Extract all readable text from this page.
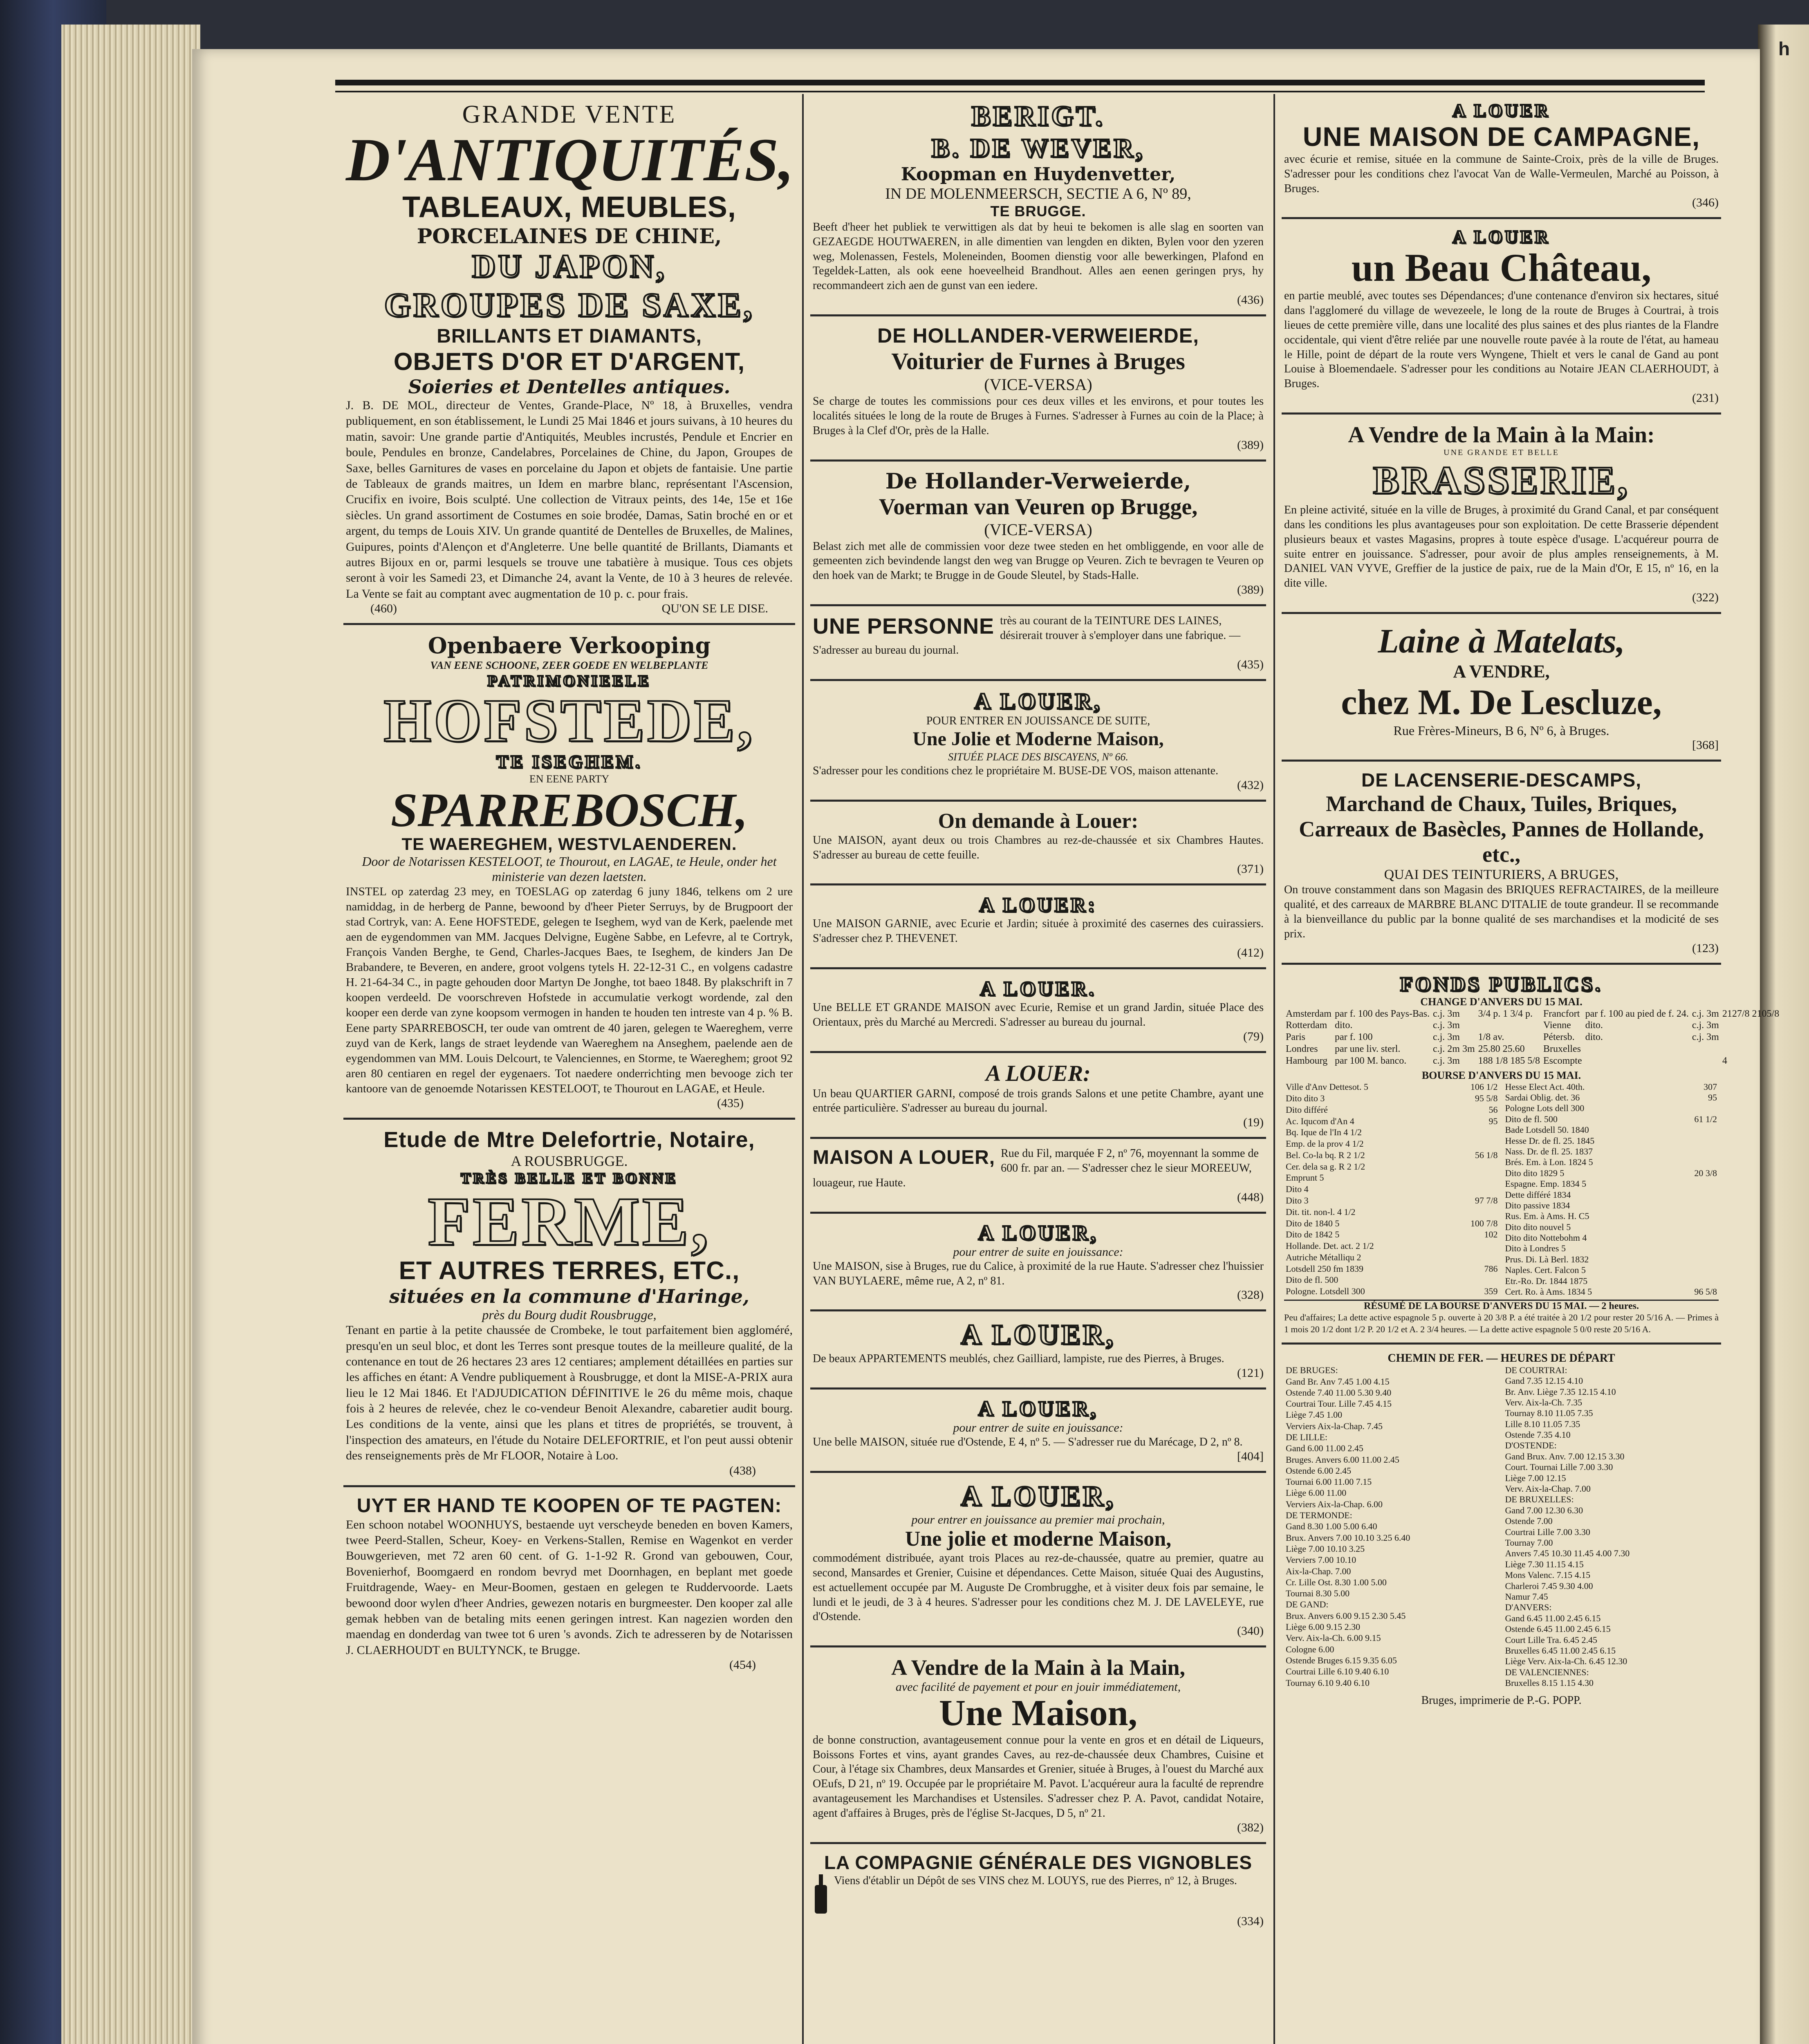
h
GRANDE VENTE
D'ANTIQUITÉS,
TABLEAUX, MEUBLES,
PORCELAINES DE CHINE,
DU JAPON,
GROUPES DE SAXE,
BRILLANTS ET DIAMANTS,
OBJETS D'OR ET D'ARGENT,
Soieries et Dentelles antiques.
J. B. DE MOL, directeur de Ventes, Grande-Place, Nº 18, à Bruxelles, vendra publiquement, en son établissement, le Lundi 25 Mai 1846 et jours suivans, à 10 heures du matin, savoir: Une grande partie d'Antiquités, Meubles incrustés, Pendule et Encrier en boule, Pendules en bronze, Candelabres, Porcelaines de Chine, du Japon, Groupes de Saxe, belles Garnitures de vases en porcelaine du Japon et objets de fantaisie. Une partie de Tableaux de grands maitres, un Idem en marbre blanc, représentant l'Ascension, Crucifix en ivoire, Bois sculpté. Une collection de Vitraux peints, des 14e, 15e et 16e siècles. Un grand assortiment de Costumes en soie brodée, Damas, Satin broché en or et argent, du temps de Louis XIV. Un grande quantité de Dentelles de Bruxelles, de Malines, Guipures, points d'Alençon et d'Angleterre. Une belle quantité de Brillants, Diamants et autres Bijoux en or, parmi lesquels se trouve une tabatière à musique. Tous ces objets seront à voir les Samedi 23, et Dimanche 24, avant la Vente, de 10 à 3 heures de relevée. La Vente se fait au comptant avec augmentation de 10 p. c. pour frais.
(460)	QU'ON SE LE DISE.
Openbaere Verkooping
VAN EENE SCHOONE, ZEER GOEDE EN WELBEPLANTE
PATRIMONIEELE
HOFSTEDE,
TE ISEGHEM.
EN EENE PARTY
SPARREBOSCH,
TE WAEREGHEM, WESTVLAENDEREN.
Door de Notarissen KESTELOOT, te Thourout, en LAGAE, te Heule, onder het ministerie van dezen laetsten.
INSTEL op zaterdag 23 mey, en TOESLAG op zaterdag 6 juny 1846, telkens om 2 ure namiddag, in de herberg de Panne, bewoond by d'heer Pieter Serruys, by de Brugpoort der stad Cortryk, van: A. Eene HOFSTEDE, gelegen te Iseghem, wyd van de Kerk, paelende met aen de eygendommen van MM. Jacques Delvigne, Eugène Sabbe, en Lefevre, al te Cortryk, François Vanden Berghe, te Gend, Charles-Jacques Baes, te Iseghem, de kinders Jan De Brabandere, te Beveren, en andere, groot volgens tytels H. 22-12-31 C., en volgens cadastre H. 21-64-34 C., in pagte gehouden door Martyn De Jonghe, tot baeo 1848. By plakschrift in 7 koopen verdeeld. De voorschreven Hofstede in accumulatie verkogt wordende, zal den kooper een derde van zyne koopsom vermogen in handen te houden ten intreste van 4 p. % B. Eene party SPARREBOSCH, ter oude van omtrent de 40 jaren, gelegen te Waereghem, verre zuyd van de Kerk, langs de straet leydende van Waereghem na Anseghem, paelende aen de eygendommen van MM. Louis Delcourt, te Valenciennes, en Storme, te Waereghem; groot 92 aren 80 centiaren en regel der eygenaers. Tot naedere onderrichting men bevooge zich ter kantoore van de genoemde Notarissen KESTELOOT, te Thourout en LAGAE, et Heule.
(435)
Etude de Mtre Delefortrie, Notaire,
A ROUSBRUGGE.
TRÈS BELLE ET BONNE
FERME,
ET AUTRES TERRES, ETC.,
situées en la commune d'Haringe,
près du Bourg dudit Rousbrugge,
Tenant en partie à la petite chaussée de Crombeke, le tout parfaitement bien aggloméré, presqu'en un seul bloc, et dont les Terres sont presque toutes de la meilleure qualité, de la contenance en tout de 26 hectares 23 ares 12 centiares; amplement détaillées en parties sur les affiches en étant: A Vendre publiquement à Rousbrugge, et dont la MISE-A-PRIX aura lieu le 12 Mai 1846. Et l'ADJUDICATION DÉFINITIVE le 26 du même mois, chaque fois à 2 heures de relevée, chez le co-vendeur Benoit Alexandre, cabaretier audit bourg. Les conditions de la vente, ainsi que les plans et titres de propriétés, se trouvent, à l'inspection des amateurs, en l'étude du Notaire DELEFORTRIE, et l'on peut aussi obtenir des renseignements près de Mr FLOOR, Notaire à Loo.
(438)
UYT ER HAND TE KOOPEN OF TE PAGTEN:
Een schoon notabel WOONHUYS, bestaende uyt verscheyde beneden en boven Kamers, twee Peerd-Stallen, Scheur, Koey- en Verkens-Stallen, Remise en Wagenkot en verder Bouwgerieven, met 72 aren 60 cent. of G. 1-1-92 R. Grond van gebouwen, Cour, Bovenierhof, Boomgaerd en rondom bevryd met Doornhagen, en beplant met goede Fruitdragende, Waey- en Meur-Boomen, gestaen en gelegen te Ruddervoorde. Laets bewoond door wylen d'heer Andries, gewezen notaris en burgmeester. Den kooper zal alle gemak hebben van de betaling mits eenen geringen intrest. Kan nagezien worden den maendag en donderdag van twee tot 6 uren 's avonds. Zich te adresseren by de Notarissen J. CLAERHOUDT en BULTYNCK, te Brugge.
(454)
BERIGT.
B. DE WEVER,
Koopman en Huydenvetter,
IN DE MOLENMEERSCH, SECTIE A 6, Nº 89,
TE BRUGGE.
Beeft d'heer het publiek te verwittigen als dat by heui te bekomen is alle slag en soorten van GEZAEGDE HOUTWAEREN, in alle dimentien van lengden en dikten, Bylen voor den yzeren weg, Molenassen, Festels, Moleneinden, Boomen dienstig voor alle bewerkingen, Plafond en Tegeldek-Latten, als ook eene hoeveelheid Brandhout. Alles aen eenen geringen prys, hy recommandeert zich aen de gunst van een iedere.
(436)
DE HOLLANDER-VERWEIERDE,
Voiturier de Furnes à Bruges
(VICE-VERSA)
Se charge de toutes les commissions pour ces deux villes et les environs, et pour toutes les localités situées le long de la route de Bruges à Furnes. S'adresser à Furnes au coin de la Place; à Bruges à la Clef d'Or, près de la Halle.
(389)
De Hollander-Verweierde,
Voerman van Veuren op Brugge,
(VICE-VERSA)
Belast zich met alle de commissien voor deze twee steden en het ombliggende, en voor alle de gemeenten zich bevindende langst den weg van Brugge op Veuren. Zich te bevragen te Veuren op den hoek van de Markt; te Brugge in de Goude Sleutel, by Stads-Halle.
(389)
UNE PERSONNE très au courant de la TEINTURE DES LAINES, désirerait trouver à s'employer dans une fabrique. — S'adresser au bureau du journal.
(435)
A LOUER,
POUR ENTRER EN JOUISSANCE DE SUITE,
Une Jolie et Moderne Maison,
SITUÉE PLACE DES BISCAYENS, Nº 66.
S'adresser pour les conditions chez le propriétaire M. BUSE-DE VOS, maison attenante.
(432)
On demande à Louer:
Une MAISON, ayant deux ou trois Chambres au rez-de-chaussée et six Chambres Hautes. S'adresser au bureau de cette feuille.
(371)
A LOUER:
Une MAISON GARNIE, avec Ecurie et Jardin; située à proximité des casernes des cuirassiers. S'adresser chez P. THEVENET.
(412)
A LOUER.
Une BELLE ET GRANDE MAISON avec Ecurie, Remise et un grand Jardin, située Place des Orientaux, près du Marché au Mercredi. S'adresser au bureau du journal.
(79)
A LOUER:
Un beau QUARTIER GARNI, composé de trois grands Salons et une petite Chambre, ayant une entrée particulière. S'adresser au bureau du journal.
(19)
MAISON A LOUER, Rue du Fil, marquée F 2, nº 76, moyennant la somme de 600 fr. par an. — S'adresser chez le sieur MOREEUW, louageur, rue Haute.
(448)
A LOUER,
pour entrer de suite en jouissance:
Une MAISON, sise à Bruges, rue du Calice, à proximité de la rue Haute. S'adresser chez l'huissier VAN BUYLAERE, même rue, A 2, nº 81.
(328)
A LOUER,
De beaux APPARTEMENTS meublés, chez Gailliard, lampiste, rue des Pierres, à Bruges.
(121)
A LOUER,
pour entrer de suite en jouissance:
Une belle MAISON, située rue d'Ostende, E 4, nº 5. — S'adresser rue du Marécage, D 2, nº 8.
[404]
A LOUER,
pour entrer en jouissance au premier mai prochain,
Une jolie et moderne Maison,
commodément distribuée, ayant trois Places au rez-de-chaussée, quatre au premier, quatre au second, Mansardes et Grenier, Cuisine et dépendances. Cette Maison, située Quai des Augustins, est actuellement occupée par M. Auguste De Crombrugghe, et à visiter deux fois par semaine, le lundi et le jeudi, de 3 à 4 heures. S'adresser pour les conditions chez M. J. DE LAVELEYE, rue d'Ostende.
(340)
A Vendre de la Main à la Main,
avec facilité de payement et pour en jouir immédiatement,
Une Maison,
de bonne construction, avantageusement connue pour la vente en gros et en détail de Liqueurs, Boissons Fortes et vins, ayant grandes Caves, au rez-de-chaussée deux Chambres, Cuisine et Cour, à l'étage six Chambres, deux Mansardes et Grenier, située à Bruges, à l'ouest du Marché aux OEufs, D 21, nº 19. Occupée par le propriétaire M. Pavot. L'acquéreur aura la faculté de reprendre avantageusement les Marchandises et Ustensiles. S'adresser chez P. A. Pavot, candidat Notaire, agent d'affaires à Bruges, près de l'église St-Jacques, D 5, nº 21.
(382)
LA COMPAGNIE GÉNÉRALE DES VIGNOBLES
Viens d'établir un Dépôt de ses VINS chez M. LOUYS, rue des Pierres, nº 12, à Bruges.
(334)
A LOUER
UNE MAISON DE CAMPAGNE,
avec écurie et remise, située en la commune de Sainte-Croix, près de la ville de Bruges. S'adresser pour les conditions chez l'avocat Van de Walle-Vermeulen, Marché au Poisson, à Bruges.
(346)
A LOUER
un Beau Château,
en partie meublé, avec toutes ses Dépendances; d'une contenance d'environ six hectares, situé dans l'agglomeré du village de wevezeele, le long de la route de Bruges à Courtrai, à trois lieues de cette première ville, dans une localité des plus saines et des plus riantes de la Flandre occidentale, qui vient d'être reliée par une nouvelle route pavée à la route de l'état, au hameau le Hille, point de départ de la route vers Wyngene, Thielt et vers le canal de Gand au pont Louise à Bloemendaele. S'adresser pour les conditions au Notaire JEAN CLAERHOUDT, à Bruges.
(231)
A Vendre de la Main à la Main:
UNE GRANDE ET BELLE
BRASSERIE,
En pleine activité, située en la ville de Bruges, à proximité du Grand Canal, et par conséquent dans les conditions les plus avantageuses pour son exploitation. De cette Brasserie dépendent plusieurs beaux et vastes Magasins, propres à toute espèce d'usage. L'acquéreur pourra de suite entrer en jouissance. S'adresser, pour avoir de plus amples renseignements, à M. DANIEL VAN VYVE, Greffier de la justice de paix, rue de la Main d'Or, E 15, nº 16, en la dite ville.
(322)
Laine à Matelats,
A VENDRE,
chez M. De Lescluze,
Rue Frères-Mineurs, B 6, Nº 6, à Bruges.
[368]
DE LACENSERIE-DESCAMPS,
Marchand de Chaux, Tuiles, Briques, Carreaux de Basècles, Pannes de Hollande, etc.,
QUAI DES TEINTURIERS, A BRUGES,
On trouve constamment dans son Magasin des BRIQUES REFRACTAIRES, de la meilleure qualité, et des carreaux de MARBRE BLANC D'ITALIE de toute grandeur. Il se recommande à la bienveillance du public par la bonne qualité de ses marchandises et la modicité de ses prix.
(123)
FONDS PUBLICS.
CHANGE D'ANVERS DU 15 MAI.
Amsterdam	par f. 100 des Pays-Bas.	c.j. 3m	3/4 p. 1 3/4 p.	Francfort	par f. 100 au pied de f. 24.	c.j. 3m	2127/8 2105/8
Rotterdam	dito.	c.j. 3m		Vienne	dito.	c.j. 3m	
Paris	par f. 100	c.j. 3m	1/8 av.	Pétersb.	dito.	c.j. 3m	
Londres	par une liv. sterl.	c.j. 2m 3m	25.80 25.60	Bruxelles			
Hambourg	par 100 M. banco.	c.j. 3m	188 1/8 185 5/8	Escompte			4
BOURSE D'ANVERS DU 15 MAI.
Ville d'Anv Dettesot. 5	106 1/2
Dito dito 3	95 5/8
Dito différé	56
Ac. Iqucom d'An 4	95
Bq. Ique de l'In 4 1/2	
Emp. de la prov 4 1/2	
Bel. Co-la bq. R 2 1/2	56 1/8
Cer. dela sa g. R 2 1/2	
Emprunt 5	
Dito 4	
Dito 3	97 7/8
Dit. tit. non-l. 4 1/2	
Dito de 1840 5	100 7/8
Dito de 1842 5	102
Hollande. Det. act. 2 1/2	
Autriche Métalliqu 2	
Lotsdell 250 fm 1839	786
Dito de fl. 500	
Pologne. Lotsdell 300	359
Hesse Elect Act. 40th.	307
Sardai Oblig. det. 36	95
Pologne Lots dell 300	
Dito de fl. 500	61 1/2
Bade Lotsdell 50. 1840	
Hesse Dr. de fl. 25. 1845	
Nass. Dr. de fl. 25. 1837	
Brés. Em. à Lon. 1824 5	
Dito dito 1829 5	20 3/8
Espagne. Emp. 1834 5	
Dette différé 1834	
Dito passive 1834	
Rus. Em. à Ams. H. C5	
Dito dito nouvel 5	
Dito dito Nottebohm 4	
Dito à Londres 5	
Prus. Di. Là Berl. 1832	
Naples. Cert. Falcon 5	
Etr.-Ro. Dr. 1844 1875	
Cert. Ro. à Ams. 1834 5	96 5/8
RÉSUMÉ DE LA BOURSE D'ANVERS DU 15 MAI. — 2 heures.
Peu d'affaires; La dette active espagnole 5 p. ouverte à 20 3/8 P. a été traitée à 20 1/2 pour rester 20 5/16 A. — Primes à 1 mois 20 1/2 dont 1/2 P. 20 1/2 et A. 2 3/4 heures. — La dette active espagnole 5 0/0 reste 20 5/16 A.
CHEMIN DE FER. — HEURES DE DÉPART
DE BRUGES:	
Gand Br. Anv 7.45 1.00 4.15	
Ostende 7.40 11.00 5.30 9.40	
Courtrai Tour. Lille 7.45 4.15	
Liège 7.45 1.00	
Verviers Aix-la-Chap. 7.45	
DE LILLE:	
Gand 6.00 11.00 2.45	
Bruges. Anvers 6.00 11.00 2.45	
Ostende 6.00 2.45	
Tournai 6.00 11.00 7.15	
Liège 6.00 11.00	
Verviers Aix-la-Chap. 6.00	
DE TERMONDE:	
Gand 8.30 1.00 5.00 6.40	
Brux. Anvers 7.00 10.10 3.25 6.40	
Liège 7.00 10.10 3.25	
Verviers 7.00 10.10	
Aix-la-Chap. 7.00	
Cr. Lille Ost. 8.30 1.00 5.00	
Tournai 8.30 5.00	
DE GAND:	
Brux. Anvers 6.00 9.15 2.30 5.45	
Liège 6.00 9.15 2.30	
Verv. Aix-la-Ch. 6.00 9.15	
Cologne 6.00	
Ostende Bruges 6.15 9.35 6.05	
Courtrai Lille 6.10 9.40 6.10	
Tournay 6.10 9.40 6.10	
DE COURTRAI:	
Gand 7.35 12.15 4.10	
Br. Anv. Liège 7.35 12.15 4.10	
Verv. Aix-la-Ch. 7.35	
Tournay 8.10 11.05 7.35	
Lille 8.10 11.05 7.35	
Ostende 7.35 4.10	
D'OSTENDE:	
Gand Brux. Anv. 7.00 12.15 3.30	
Court. Tournai Lille 7.00 3.30	
Liège 7.00 12.15	
Verv. Aix-la-Chap. 7.00	
DE BRUXELLES:	
Gand 7.00 12.30 6.30	
Ostende 7.00	
Courtrai Lille 7.00 3.30	
Tournay 7.00	
Anvers 7.45 10.30 11.45 4.00 7.30	
Liège 7.30 11.15 4.15	
Mons Valenc. 7.15 4.15	
Charleroi 7.45 9.30 4.00	
Namur 7.45	
D'ANVERS:	
Gand 6.45 11.00 2.45 6.15	
Ostende 6.45 11.00 2.45 6.15	
Court Lille Tra. 6.45 2.45	
Bruxelles 6.45 11.00 2.45 6.15	
Liège Verv. Aix-la-Ch. 6.45 12.30	
DE VALENCIENNES:	
Bruxelles 8.15 1.15 4.30	
Bruges, imprimerie de P.-G. POPP.
